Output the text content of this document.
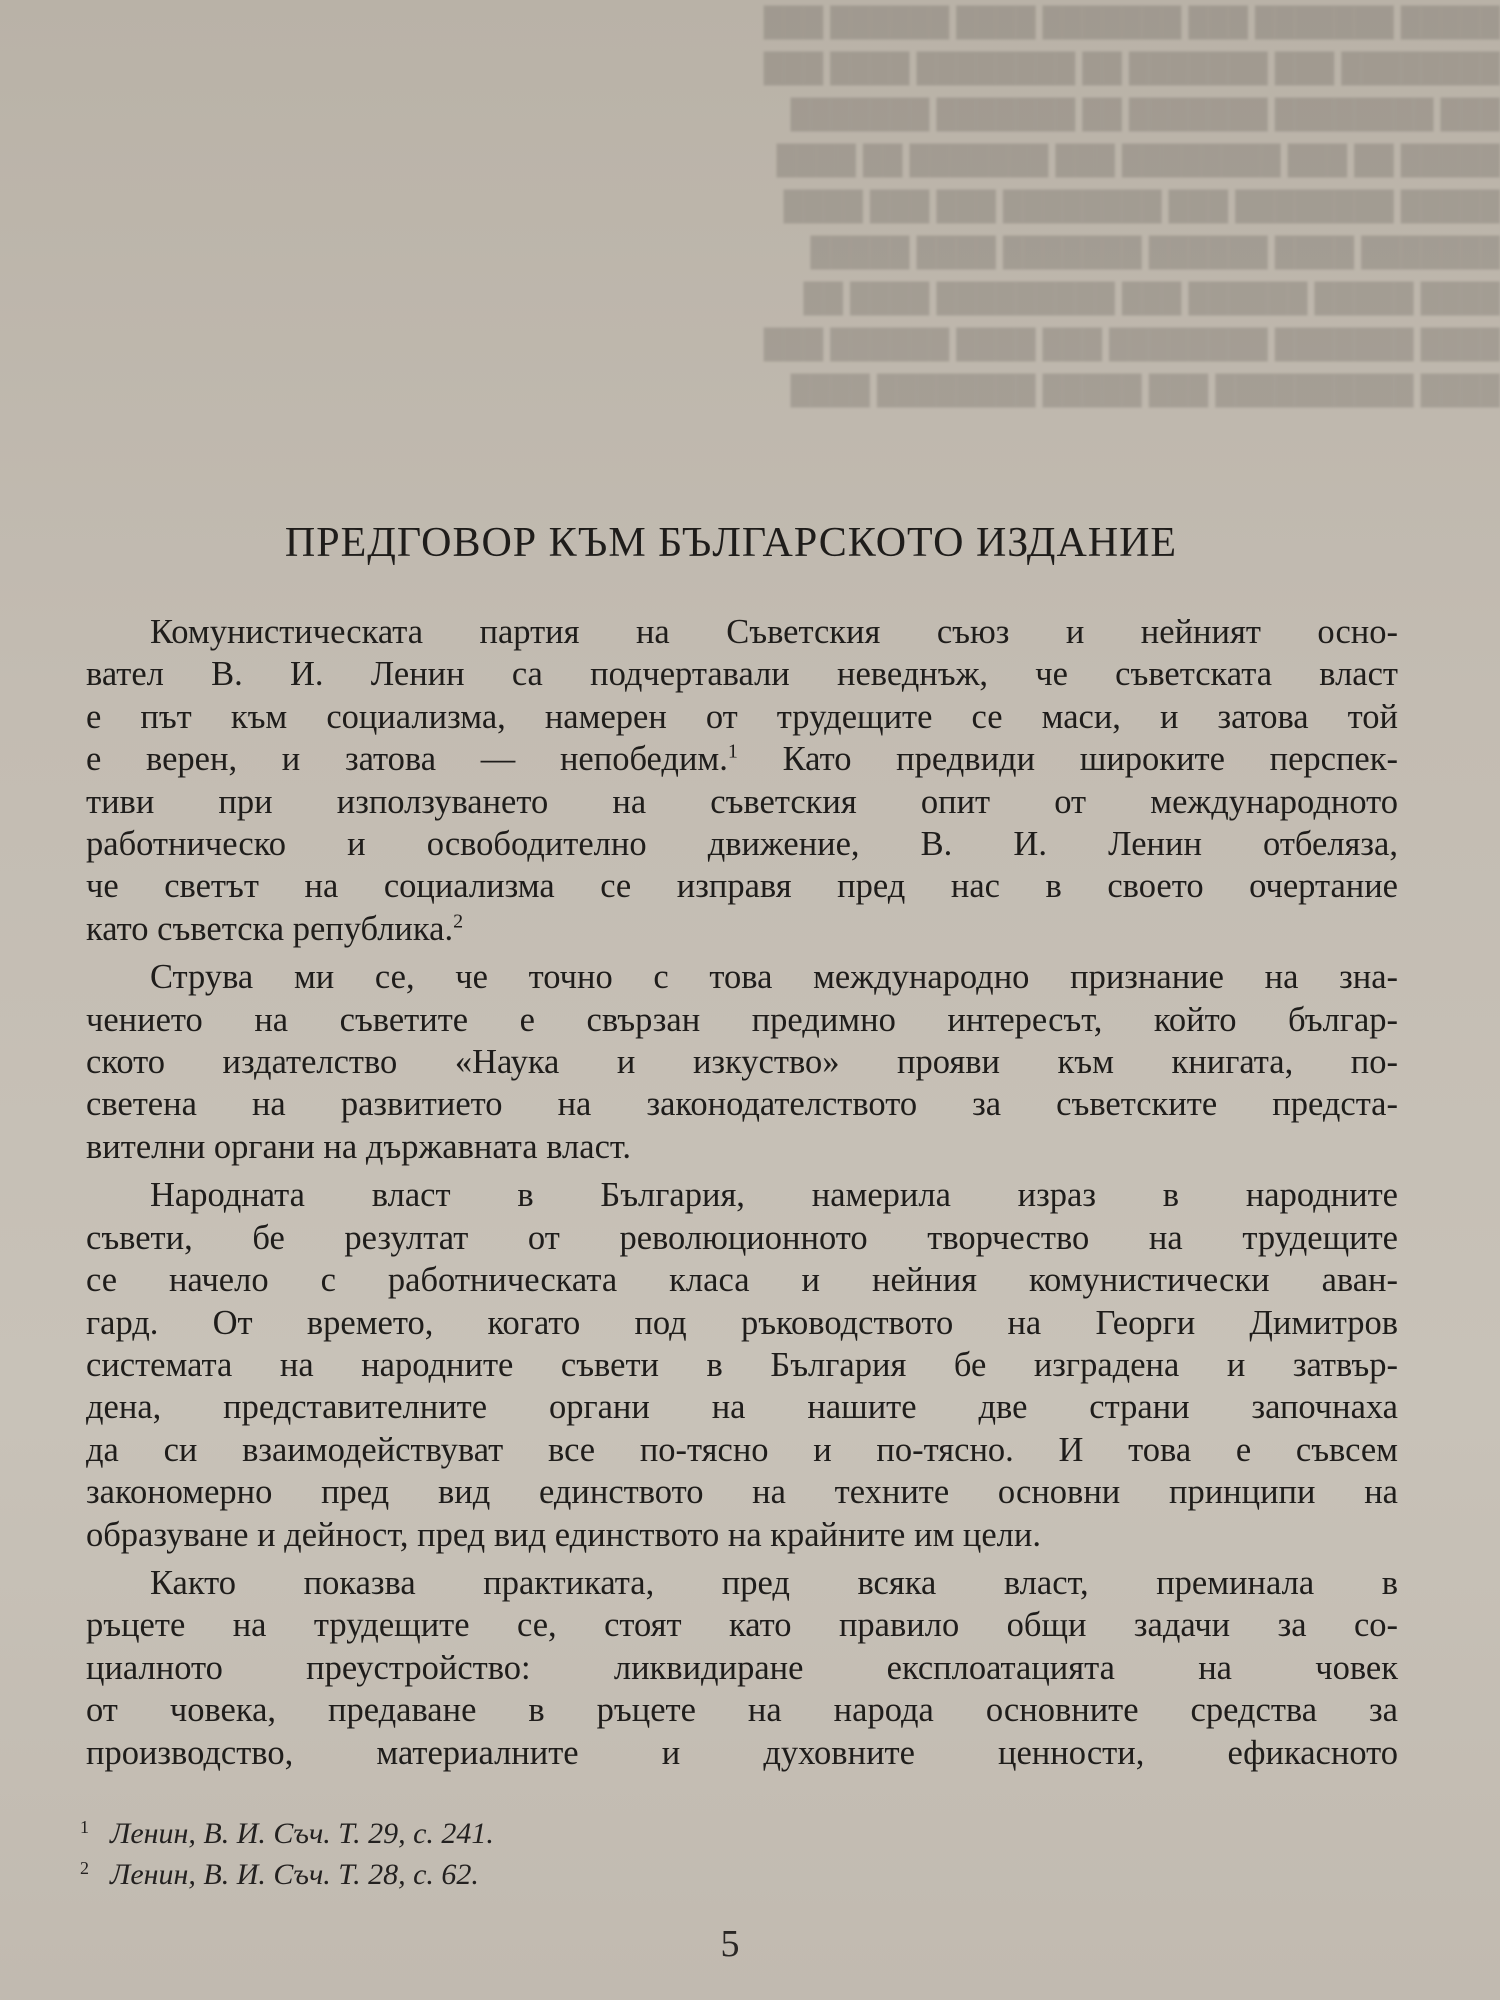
█████ ███████ ███ ███████ ████ ██████ ███
████████ ███ ███████ ██ ████████ ████ ███
███ ████████ ███████ ██ ███████ ███████
█████ ██ ███ ████████ ███ ███████ ██ ████
█████ ████████ ███ ████████ ███ ███ ████
███████ ████ ██████ ███████ ████ █████
████ █████ ██████ ███ █████████ ████ ██
████ ███████ ████████ ███ ████ ██████ ███
████ ██████████ ███ █████ ████████ ████
ПРЕДГОВОР КЪМ БЪЛГАРСКОТО ИЗДАНИЕ
Комунистическата партия на Съветския съюз и нейният осно-
вател В. И. Ленин са подчертавали неведнъж, че съветската власт
е път към социализма, намерен от трудещите се маси, и затова той
е верен, и затова — непобедим.$^1$ Като предвиди широките перспек-
тиви при използуването на съветския опит от международното
работническо и освободително движение, В. И. Ленин отбеляза,
че светът на социализма се изправя пред нас в своето очертание
като съветска република.$^2$
Струва ми се, че точно с това международно признание на зна-
чението на съветите е свързан предимно интересът, който българ-
ското издателство «Наука и изкуство» прояви към книгата, по-
светена на развитието на законодателството за съветските предста-
вителни органи на държавната власт.
Народната власт в България, намерила израз в народните
съвети, бе резултат от революционното творчество на трудещите
се начело с работническата класа и нейния комунистически аван-
гард. От времето, когато под ръководството на Георги Димитров
системата на народните съвети в България бе изградена и затвър-
дена, представителните органи на нашите две страни започнаха
да си взаимодействуват все по-тясно и по-тясно. И това е съвсем
закономерно пред вид единството на техните основни принципи на
образуване и дейност, пред вид единството на крайните им цели.
Както показва практиката, пред всяка власт, преминала в
ръцете на трудещите се, стоят като правило общи задачи за со-
циалното преустройство: ликвидиране експлоатацията на човек
от човека, предаване в ръцете на народа основните средства за
производство, материалните и духовните ценности, ефикасното
1 Ленин, В. И. Съч. Т. 29, с. 241.
2 Ленин, В. И. Съч. Т. 28, с. 62.
5
